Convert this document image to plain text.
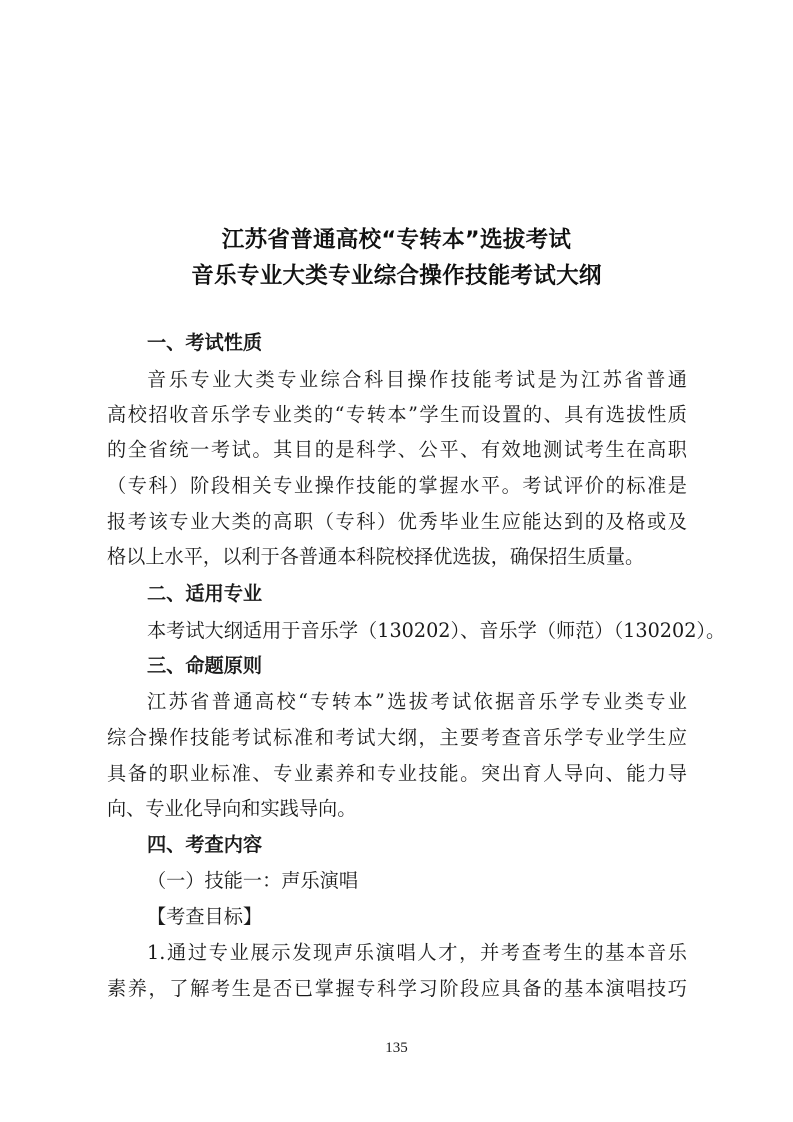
江苏省普通高校“专转本”选拔考试
音乐专业大类专业综合操作技能考试大纲
一、考试性质
音乐专业大类专业综合科目操作技能考试是为江苏省普通
高校招收音乐学专业类的“专转本”学生而设置的、具有选拔性质
的全省统一考试。其目的是科学、公平、有效地测试考生在高职
（专科）阶段相关专业操作技能的掌握水平。考试评价的标准是
报考该专业大类的高职（专科）优秀毕业生应能达到的及格或及
格以上水平，以利于各普通本科院校择优选拔，确保招生质量。
二、适用专业
本考试大纲适用于音乐学（130202）、音乐学（师范）（130202）。
三、命题原则
江苏省普通高校“专转本”选拔考试依据音乐学专业类专业
综合操作技能考试标准和考试大纲，主要考查音乐学专业学生应
具备的职业标准、专业素养和专业技能。突出育人导向、能力导
向、专业化导向和实践导向。
四、考查内容
（一）技能一：声乐演唱
【考查目标】
1.通过专业展示发现声乐演唱人才，并考查考生的基本音乐
素养，了解考生是否已掌握专科学习阶段应具备的基本演唱技巧
135
